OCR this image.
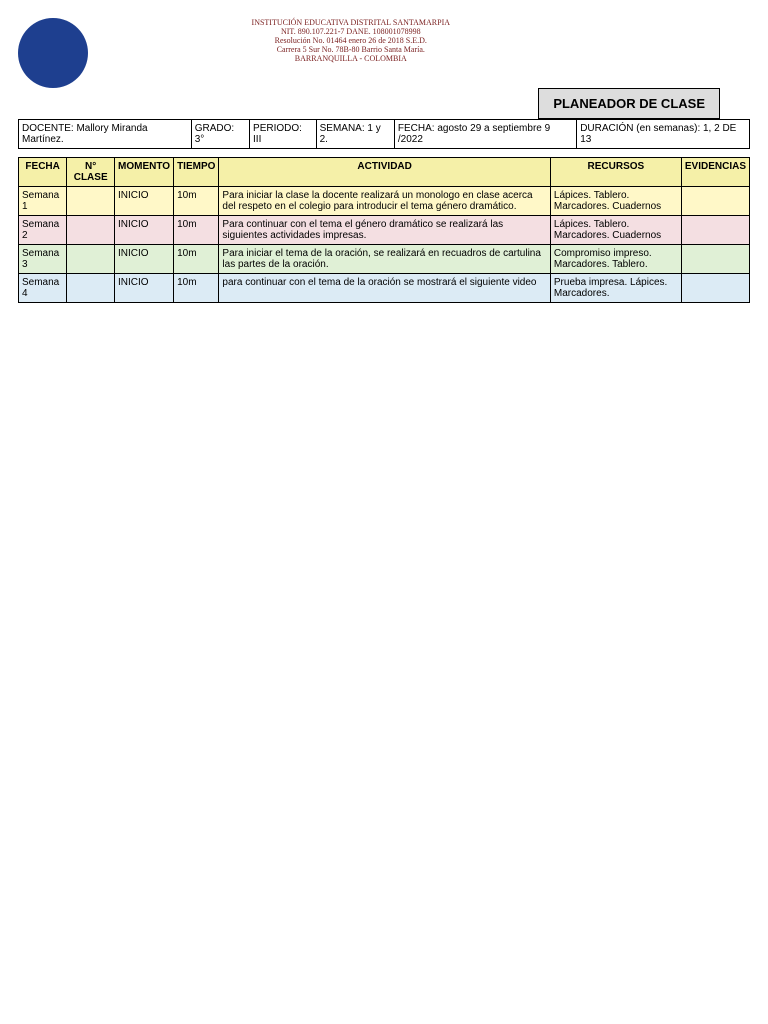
INSTITUCIÓN EDUCATIVA DISTRITAL SANTAMARPIA
NIT. 890.107.221-7 DANE. 108001078998
Resolución No. 01464 enero 26 de 2018 S.E.D.
Carrera 5 Sur No. 78B-80 Barrio Santa María.
BARRANQUILLA - COLOMBIA
PLANEADOR DE CLASE
DOCENTE: Mallory Miranda Martínez.	GRADO: 3°	PERIODO: III	SEMANA: 1 y 2.	FECHA: agosto 29 a septiembre 9 /2022	DURACIÓN (en semanas): 1, 2 DE 13
FECHA	N° CLASE	MOMENTO	TIEMPO	ACTIVIDAD	RECURSOS	EVIDENCIAS
Semana 1		INICIO	10m	Para iniciar la clase la docente realizará un monologo en clase acerca del respeto en el colegio para introducir el tema género dramático.	Lápices. Tablero. Marcadores. Cuadernos	
Semana 2		INICIO	10m	Para continuar con el tema el género dramático se realizará las siguientes actividades impresas.	Lápices. Tablero. Marcadores. Cuadernos	
Semana 3		INICIO	10m	Para iniciar el tema de la oración, se realizará en recuadros de cartulina las partes de la oración.	Compromiso impreso. Marcadores. Tablero.	
Semana 4		INICIO	10m	para continuar con el tema de la oración se mostrará el siguiente video	Prueba impresa. Lápices. Marcadores.	
